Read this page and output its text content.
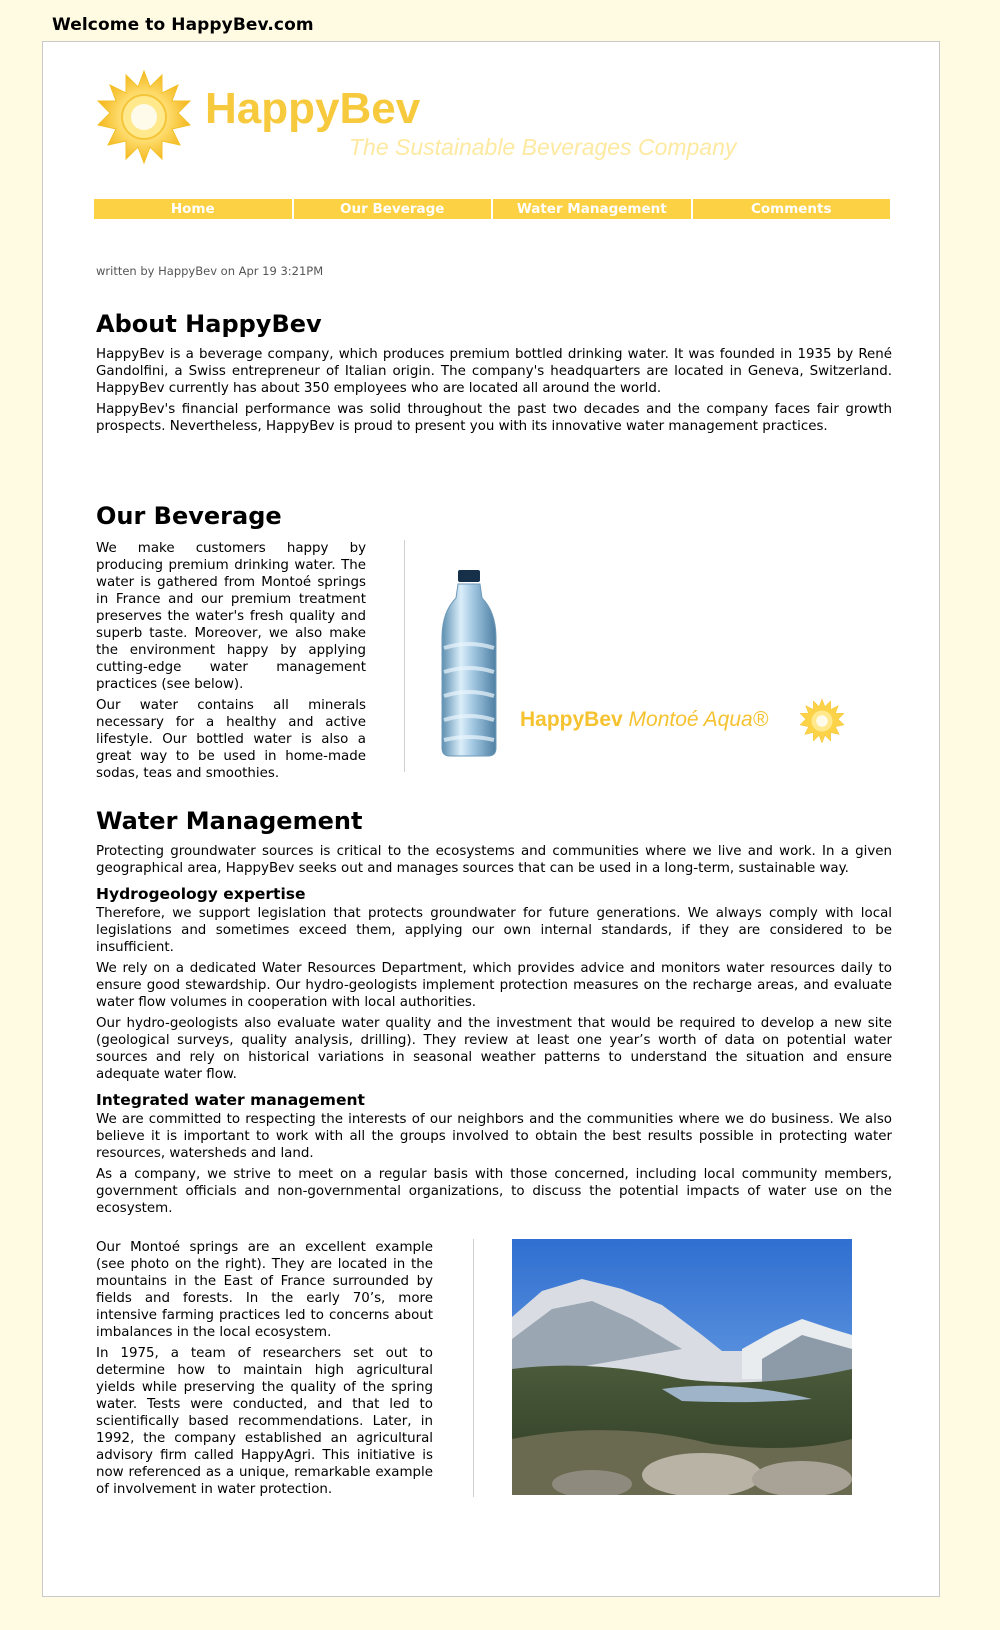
Welcome to HappyBev.com
HappyBev
The Sustainable Beverages Company
Home	Our Beverage	Water Management	Comments
written by HappyBev on Apr 19 3:21PM
About HappyBev

HappyBev is a beverage company, which produces premium bottled drinking water. It was founded in 1935 by René Gandolfini, a Swiss entrepreneur of Italian origin. The company's headquarters are located in Geneva, Switzerland. HappyBev currently has about 350 employees who are located all around the world.

HappyBev's financial performance was solid throughout the past two decades and the company faces fair growth prospects. Nevertheless, HappyBev is proud to present you with its innovative water management practices.

Our Beverage

We make customers happy by producing premium drinking water. The water is gathered from Montoé springs in France and our premium treatment preserves the water's fresh quality and superb taste. Moreover, we also make the environment happy by applying cutting-edge water management practices (see below).

Our water contains all minerals necessary for a healthy and active lifestyle. Our bottled water is also a great way to be used in home-made sodas, teas and smoothies.

HappyBev Montoé Aqua®
Water Management

Protecting groundwater sources is critical to the ecosystems and communities where we live and work. In a given geographical area, HappyBev seeks out and manages sources that can be used in a long-term, sustainable way.

Hydrogeology expertise

Therefore, we support legislation that protects groundwater for future generations. We always comply with local legislations and sometimes exceed them, applying our own internal standards, if they are considered to be insufficient.

We rely on a dedicated Water Resources Department, which provides advice and monitors water resources daily to ensure good stewardship. Our hydro-geologists implement protection measures on the recharge areas, and evaluate water flow volumes in cooperation with local authorities.

Our hydro-geologists also evaluate water quality and the investment that would be required to develop a new site (geological surveys, quality analysis, drilling). They review at least one year’s worth of data on potential water sources and rely on historical variations in seasonal weather patterns to understand the situation and ensure adequate water flow.

Integrated water management

We are committed to respecting the interests of our neighbors and the communities where we do business. We also believe it is important to work with all the groups involved to obtain the best results possible in protecting water resources, watersheds and land.

As a company, we strive to meet on a regular basis with those concerned, including local community members, government officials and non-governmental organizations, to discuss the potential impacts of water use on the ecosystem.

Our Montoé springs are an excellent example (see photo on the right). They are located in the mountains in the East of France surrounded by fields and forests. In the early 70’s, more intensive farming practices led to concerns about imbalances in the local ecosystem.

In 1975, a team of researchers set out to determine how to maintain high agricultural yields while preserving the quality of the spring water. Tests were conducted, and that led to scientifically based recommendations. Later, in 1992, the company established an agricultural advisory firm called HappyAgri. This initiative is now referenced as a unique, remarkable example of involvement in water protection.
